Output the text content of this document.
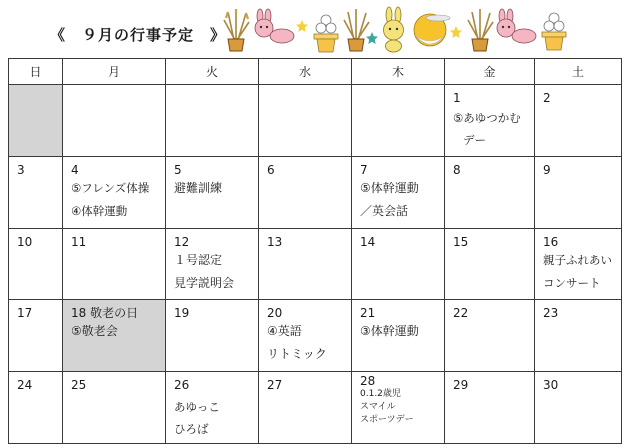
《　９月の行事予定　》
日	月	火	水	木	金	土

					1
⑤あゆつかむ
デー	2

3	4
⑤フレンズ体操
④体幹運動	5
避難訓練	6	7
⑤体幹運動
／英会話	8	9

10	11	12
１号認定
見学説明会	13	14	15	16
親子ふれあい
コンサート

17	18 敬老の日
⑤敬老会	19	20
④英語
リトミック	21
③体幹運動	22	23

24	25	26
あゆっこ
ひろば	27	28
0.1.2歳児
スマイル
スポーツデー	29	30
